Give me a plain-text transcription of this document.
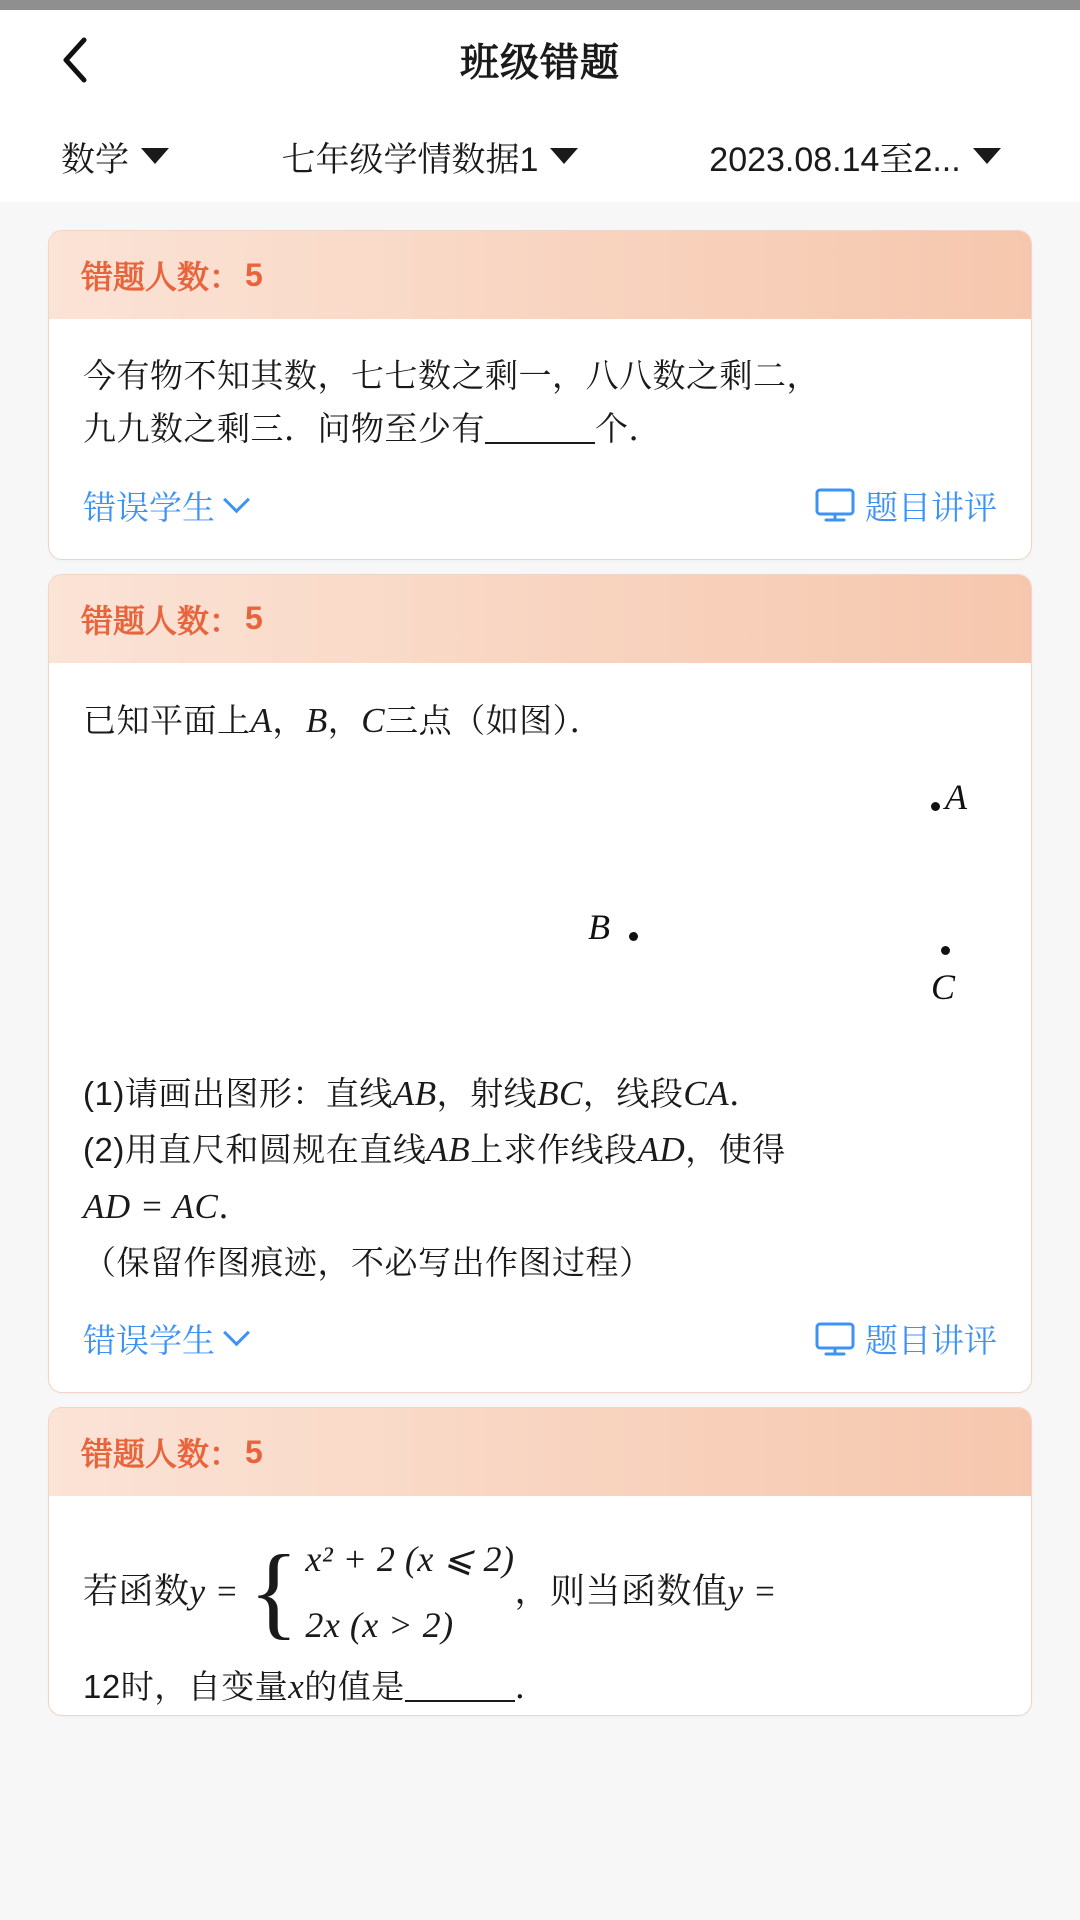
班级错题
数学	七年级学情数据1	2023.08.14至2...
错题人数： 5
今有物不知其数，七七数之剩一，八八数之剩二，
九九数之剩三．问物至少有	个．
错误学生	题目讲评
错题人数： 5
已知平面上A，B，C三点（如图）．
A
B
C
(1)请画出图形：直线AB，射线BC，线段CA．
(2)用直尺和圆规在直线AB上求作线段AD，使得
AD = AC．
（保留作图痕迹，不必写出作图过程）
错误学生	题目讲评
错题人数： 5
若函数 y = { x² + 2 (x ⩽ 2)
2x (x > 2)
，则当函数值 y =
12时，自变量x的值是	．
